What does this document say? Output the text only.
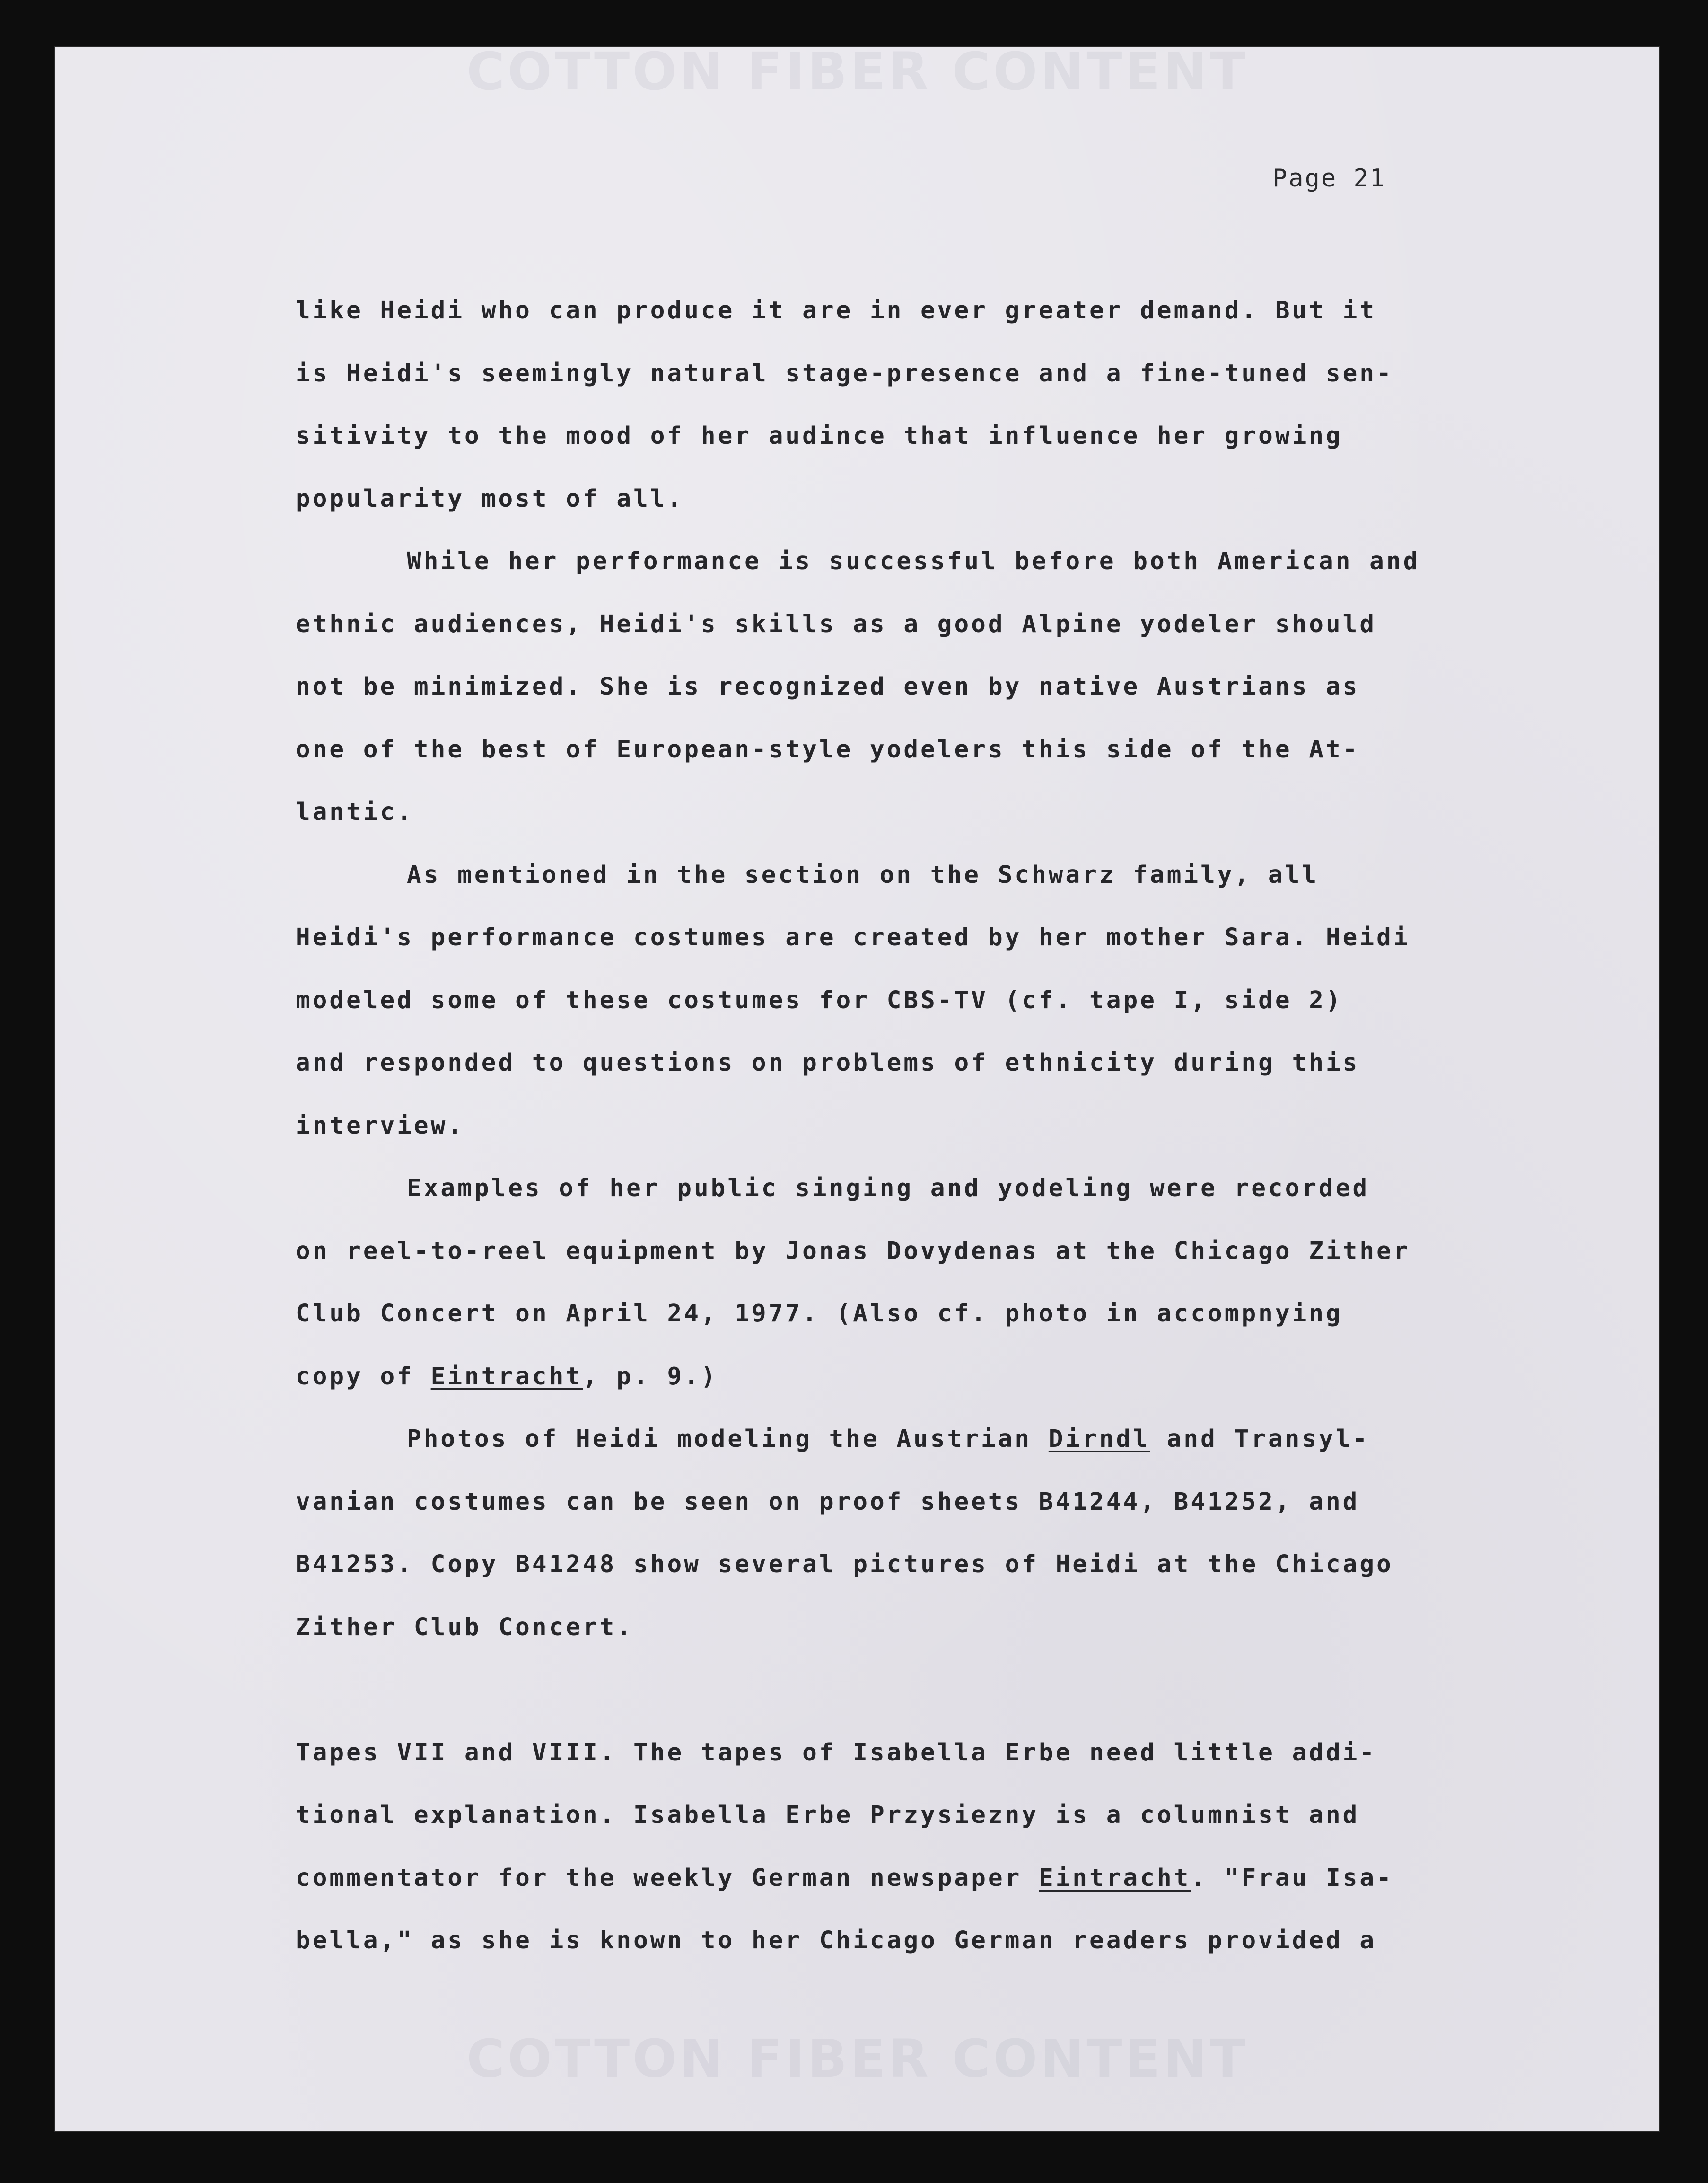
COTTON FIBER CONTENT
Page 21
like Heidi who can produce it are in ever greater demand. But it
is Heidi's seemingly natural stage-presence and a fine-tuned sen-
sitivity to the mood of her audince that influence her growing
popularity most of all.
While her performance is successful before both American and
ethnic audiences, Heidi's skills as a good Alpine yodeler should
not be minimized. She is recognized even by native Austrians as
one of the best of European-style yodelers this side of the At-
lantic.
As mentioned in the section on the Schwarz family, all
Heidi's performance costumes are created by her mother Sara. Heidi
modeled some of these costumes for CBS-TV (cf. tape I, side 2)
and responded to questions on problems of ethnicity during this
interview.
Examples of her public singing and yodeling were recorded
on reel-to-reel equipment by Jonas Dovydenas at the Chicago Zither
Club Concert on April 24, 1977. (Also cf. photo in accompnying
copy of Eintracht, p. 9.)
Photos of Heidi modeling the Austrian Dirndl and Transyl-
vanian costumes can be seen on proof sheets B41244, B41252, and
B41253. Copy B41248 show several pictures of Heidi at the Chicago
Zither Club Concert.
Tapes VII and VIII. The tapes of Isabella Erbe need little addi-
tional explanation. Isabella Erbe Przysiezny is a columnist and
commentator for the weekly German newspaper Eintracht. "Frau Isa-
bella," as she is known to her Chicago German readers provided a
COTTON FIBER CONTENT
